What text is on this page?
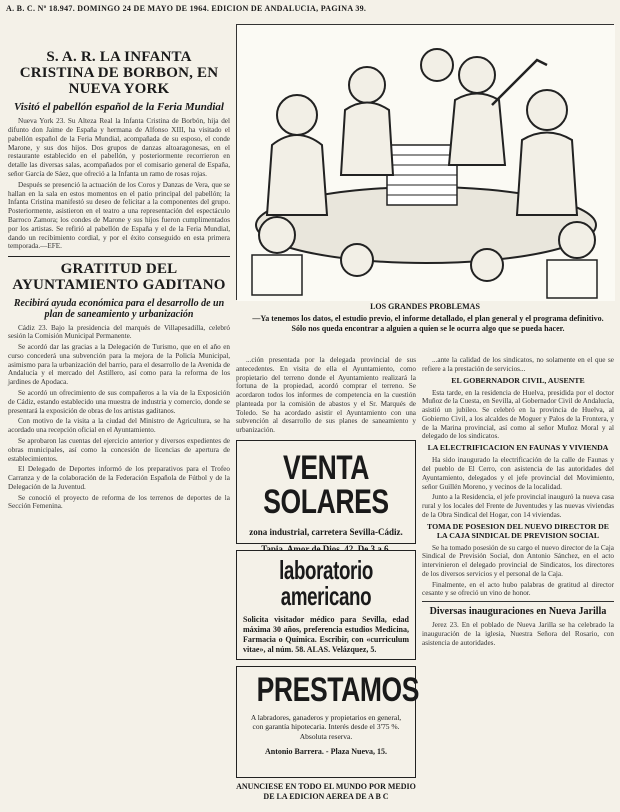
A. B. C. Nº 18.947. DOMINGO 24 DE MAYO DE 1964. EDICION DE ANDALUCIA, PAGINA 39.
S. A. R. LA INFANTA CRISTINA DE BORBON, EN NUEVA YORK
Visitó el pabellón español de la Feria Mundial

Nueva York 23. Su Alteza Real la Infanta Cristina de Borbón, hija del difunto don Jaime de España y hermana de Alfonso XIII, ha visitado el pabellón español de la Feria Mundial, acompañada de su esposo, el conde Marone, y sus dos hijos. Dos grupos de danzas altoaragonesas, en el restaurante establecido en el pabellón, y posteriormente recorrieron en detalle las diversas salas, acompañados por el comisario general de España, señor García de Sáez, que ofreció a la Infanta un ramo de rosas rojas.

Después se presenció la actuación de los Coros y Danzas de Vera, que se hallan en la sala en estos momentos en el patio principal del pabellón; la Infanta Cristina manifestó su deseo de felicitar a la componentes del grupo. Posteriormente, asistieron en el teatro a una representación del espectáculo Barroco Zamora; los condes de Marone y sus hijos fueron cumplimentados por los artistas. Se refirió al pabellón de España y el de la Feria Mundial, dando un recibimiento cordial, y por el éxito conseguido en esta primera temporada.—EFE.

GRATITUD DEL AYUNTAMIENTO GADITANO
Recibirá ayuda económica para el desarrollo de un plan de saneamiento y urbanización

Cádiz 23. Bajo la presidencia del marqués de Villapesadilla, celebró sesión la Comisión Municipal Permanente.

Se acordó dar las gracias a la Delegación de Turismo, que en el año en curso concederá una subvención para la mejora de la Policía Municipal, asimismo para la urbanización del barrio, para el desarrollo de la Avenida de Andalucía y el mercado del Astillero, así como para la reforma de los jardines de Apodaca.

Se acordó un ofrecimiento de sus compañeros a la vía de la Exposición de Cádiz, estando establecido una muestra de industria y comercio, donde se presentará la exposición de obras de los artistas gaditanos.

Con motivo de la visita a la ciudad del Ministro de Agricultura, se ha acordado una recepción oficial en el Ayuntamiento.

Se aprobaron las cuentas del ejercicio anterior y diversos expedientes de obras municipales, así como la concesión de licencias de apertura de establecimientos.

El Delegado de Deportes informó de los preparativos para el Trofeo Carranza y de la colaboración de la Federación Española de Fútbol y de la Delegación de la Juventud.

Se conoció el proyecto de reforma de los terrenos de deportes de la Sección Femenina.

LOS GRANDES PROBLEMAS
—Ya tenemos los datos, el estudio previo, el informe detallado, el plan general y el programa definitivo. Sólo nos queda encontrar a alguien a quien se le ocurra algo que se pueda hacer.

...ción presentada por la delegada provincial de sus antecedentes. En visita de ella el Ayuntamiento, como propietario del terreno donde el Ayuntamiento realizará la fortuna de la propiedad, acordó comprar el terreno. Se acordaron todos los informes de competencia en la cuestión planteada por la comisión de abastos y el Sr. Marqués de Toledo. Se ha acordado asistir el Ayuntamiento con una subvención al desarrollo de sus planes de saneamiento y urbanización.

VENTA SOLARES
zona industrial, carretera Sevilla-Cádiz.
laboratorio americano
Solicita visitador médico para Sevilla, edad máxima 30 años, preferencia estudios Medicina, Farmacia o Química. Escribir, con «curriculum vitae», al núm. 58. ALAS. Velázquez, 5.
PRESTAMOS
A labradores, ganaderos y propietarios en general, con garantía hipotecaria. Interés desde el 3'75 %. Absoluta reserva.
Antonio Barrera. - Plaza Nueva, 15.
ANUNCIESE EN TODO EL MUNDO POR MEDIO DE LA EDICION AEREA DE A B C

...ante la calidad de los sindicatos, no solamente en el que se refiere a la prestación de servicios...

EL GOBERNADOR CIVIL, AUSENTE

Esta tarde, en la residencia de Huelva, presidida por el doctor Muñoz de la Cuesta, en Sevilla, al Gobernador Civil de Andalucía, asistió un jubileo. Se celebró en la provincia de Huelva, al Gobierno Civil, a los alcaldes de Moguer y Palos de la Frontera, y de la Marina provincial, así como al señor Muñoz Moral y al delegado de los sindicatos.

LA ELECTRIFICACION EN FAUNAS Y VIVIENDA

Ha sido inaugurado la electrificación de la calle de Faunas y del pueblo de El Cerro, con asistencia de las autoridades del Ayuntamiento, delegados y el jefe provincial del Movimiento, señor Guillén Moreno, y vecinos de la localidad.

Junto a la Residencia, el jefe provincial inauguró la nueva casa rural y los locales del Frente de Juventudes y las nuevas viviendas de la Obra Sindical del Hogar, con 14 viviendas.

TOMA DE POSESION DEL NUEVO DIRECTOR DE LA CAJA SINDICAL DE PREVISION SOCIAL

Se ha tomado posesión de su cargo el nuevo director de la Caja Sindical de Previsión Social, don Antonio Sánchez, en el acto intervinieron el delegado provincial de Sindicatos, los directores de los diversos servicios y el personal de la Caja.

Finalmente, en el acto hubo palabras de gratitud al director cesante y se ofreció un vino de honor.

Diversas inauguraciones en Nueva Jarilla

Jerez 23. En el poblado de Nueva Jarilla se ha celebrado la inauguración de la iglesia, Nuestra Señora del Rosario, con asistencia de autoridades.
